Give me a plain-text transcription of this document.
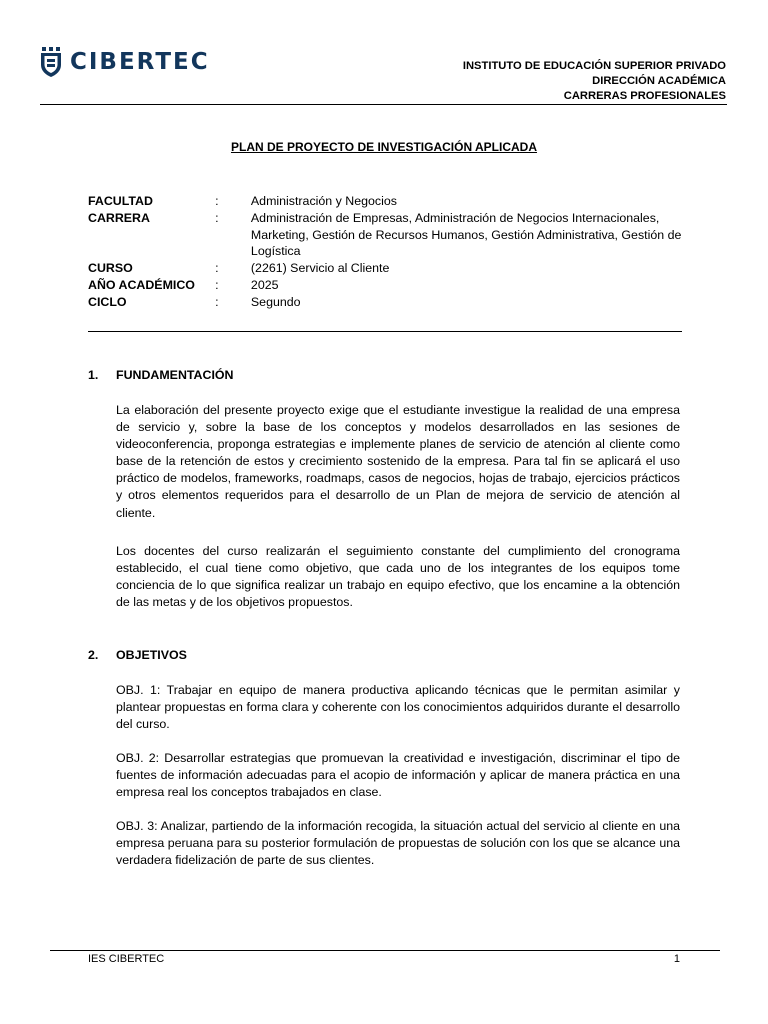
CIBERTEC	INSTITUTO DE EDUCACIÓN SUPERIOR PRIVADO
DIRECCIÓN ACADÉMICA
CARRERAS PROFESIONALES
PLAN DE PROYECTO DE INVESTIGACIÓN APLICADA
FACULTAD	:	Administración y Negocios
CARRERA	:	Administración de Empresas, Administración de Negocios Internacionales, Marketing, Gestión de Recursos Humanos, Gestión Administrativa, Gestión de Logística
CURSO	:	(2261) Servicio al Cliente
AÑO ACADÉMICO	:	2025
CICLO	:	Segundo
1.	FUNDAMENTACIÓN
La elaboración del presente proyecto exige que el estudiante investigue la realidad de una empresa de servicio y, sobre la base de los conceptos y modelos desarrollados en las sesiones de videoconferencia, proponga estrategias e implemente planes de servicio de atención al cliente como base de la retención de estos y crecimiento sostenido de la empresa. Para tal fin se aplicará el uso práctico de modelos, frameworks, roadmaps, casos de negocios, hojas de trabajo, ejercicios prácticos y otros elementos requeridos para el desarrollo de un Plan de mejora de servicio de atención al cliente.
Los docentes del curso realizarán el seguimiento constante del cumplimiento del cronograma establecido, el cual tiene como objetivo, que cada uno de los integrantes de los equipos tome conciencia de lo que significa realizar un trabajo en equipo efectivo, que los encamine a la obtención de las metas y de los objetivos propuestos.
2.	OBJETIVOS
OBJ. 1: Trabajar en equipo de manera productiva aplicando técnicas que le permitan asimilar y plantear propuestas en forma clara y coherente con los conocimientos adquiridos durante el desarrollo del curso.
OBJ. 2: Desarrollar estrategias que promuevan la creatividad e investigación, discriminar el tipo de fuentes de información adecuadas para el acopio de información y aplicar de manera práctica en una empresa real los conceptos trabajados en clase.
OBJ. 3: Analizar, partiendo de la información recogida, la situación actual del servicio al cliente en una empresa peruana para su posterior formulación de propuestas de solución con los que se alcance una verdadera fidelización de parte de sus clientes.
IES CIBERTEC	1
